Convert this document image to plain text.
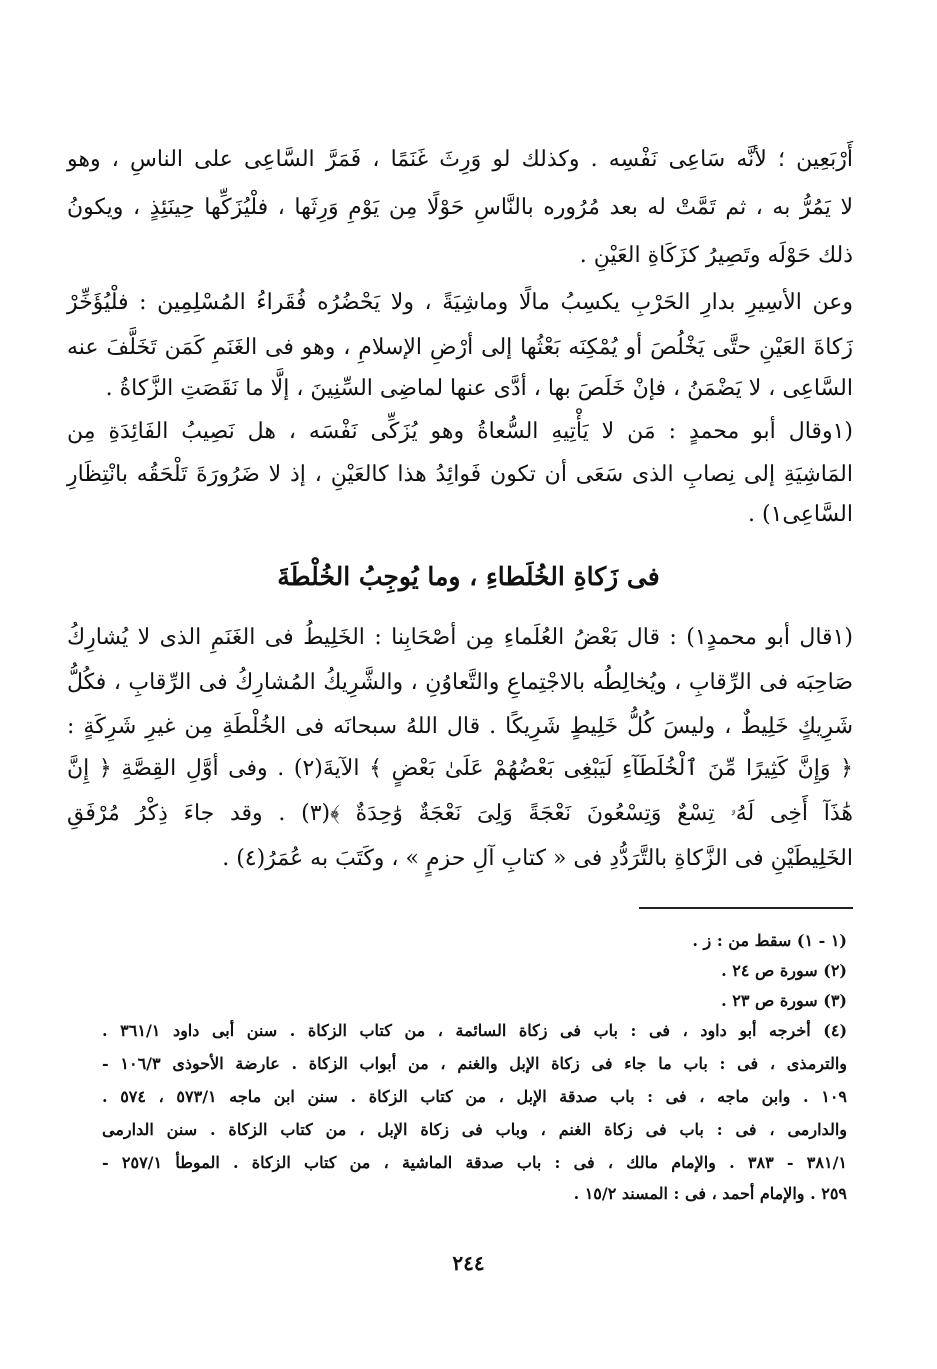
أَرْبَعِين ؛ لأنَّه سَاعِى نَفْسِه . وكذلك لو وَرِثَ غَنَمًا ، فَمَرَّ السَّاعِى على الناسِ ، وهو
لا يَمُرُّ به ، ثم تَمَّتْ له بعد مُرُوره بالنَّاسِ حَوْلًا مِن يَوْمِ وَرِثَها ، فلْيُزَكِّها حِينَئِذٍ ، ويكونُ
ذلك حَوْلَه وتَصِيرُ كزَكَاةِ العَيْنِ .
وعن الأسِيرِ بدارِ الحَرْبِ يكسِبُ مالًا وماشِيَةً ، ولا يَحْضُرُه فُقَراءُ المُسْلِمِين : فلْيُؤَخِّرْ
زَكاةَ العَيْنِ حتَّى يَخْلُصَ أو يُمْكِنَه بَعْثُها إلى أرْضِ الإسلامِ ، وهو فى الغَنَمِ كَمَن تَخَلَّفَ عنه
السَّاعِى ، لا يَضْمَنُ ، فإنْ خَلَصَ بها ، أدَّى عنها لماضِى السِّنِينَ ، إلَّا ما نَقَصَتِ الزَّكاةُ .
(١وقال أبو محمدٍ : مَن لا يَأْتِيهِ السُّعاةُ وهو يُزَكِّى نَفْسَه ، هل نَصِيبُ الفَائِدَةِ مِن
المَاشِيَةِ إلى نِصابِ الذى سَعَى أن تكون فَوائِدُ هذا كالعَيْنِ ، إذ لا ضَرُورَةَ تَلْحَقُه بانْتِظَارِ
السَّاعِى١) .
فى زَكاةِ الخُلَطاءِ ، وما يُوجِبُ الخُلْطَةَ
(١قال أبو محمدٍ١) : قال بَعْضُ العُلَماءِ مِن أصْحَابِنا : الخَلِيطُ فى الغَنَمِ الذى لا يُشارِكُ
صَاحِبَه فى الرِّقابِ ، ويُخالِطُه بالاجْتِماعِ والتَّعاوُنِ ، والشَّرِيكُ المُشارِكُ فى الرِّقابِ ، فكُلُّ
شَرِيكٍ خَلِيطٌ ، وليسَ كُلُّ خَلِيطٍ شَرِيكًا . قال اللهُ سبحانَه فى الخُلْطَةِ مِن غيرِ شَرِكَةٍ :
﴿ وَإِنَّ كَثِيرًا مِّنَ ٱلْخُلَطَآءِ لَيَبْغِى بَعْضُهُمْ عَلَىٰ بَعْضٍ ﴾ الآيةَ(٢) . وفى أوَّلِ القِصَّةِ ﴿ إِنَّ
هَٰذَآ أَخِى لَهُۥ تِسْعٌ وَتِسْعُونَ نَعْجَةً وَلِىَ نَعْجَةٌ وَٰحِدَةٌ ﴾(٣) . وقد جاءَ ذِكْرُ مُرْفَقِ
الخَلِيطَيْنِ فى الزَّكاةِ بالتَّرَدُّدِ فى « كتابِ آلِ حزمٍ » ، وكَتَبَ به عُمَرُ(٤) .
(١ - ١) سقط من : ز .
(٢) سورة ص ٢٤ .
(٣) سورة ص ٢٣ .
(٤) أخرجه أبو داود ، فى : باب فى زكاة السائمة ، من كتاب الزكاة . سنن أبى داود ٣٦١/١ .
والترمذى ، فى : باب ما جاء فى زكاة الإبل والغنم ، من أبواب الزكاة . عارضة الأحوذى ١٠٦/٣ -
١٠٩ . وابن ماجه ، فى : باب صدقة الإبل ، من كتاب الزكاة . سنن ابن ماجه ٥٧٣/١ ، ٥٧٤ .
والدارمى ، فى : باب فى زكاة الغنم ، وباب فى زكاة الإبل ، من كتاب الزكاة . سنن الدارمى
٣٨١/١ - ٣٨٣ . والإمام مالك ، فى : باب صدقة الماشية ، من كتاب الزكاة . الموطأ ٢٥٧/١ -
٢٥٩ . والإمام أحمد ، فى : المسند ١٥/٢ .
٢٤٤
